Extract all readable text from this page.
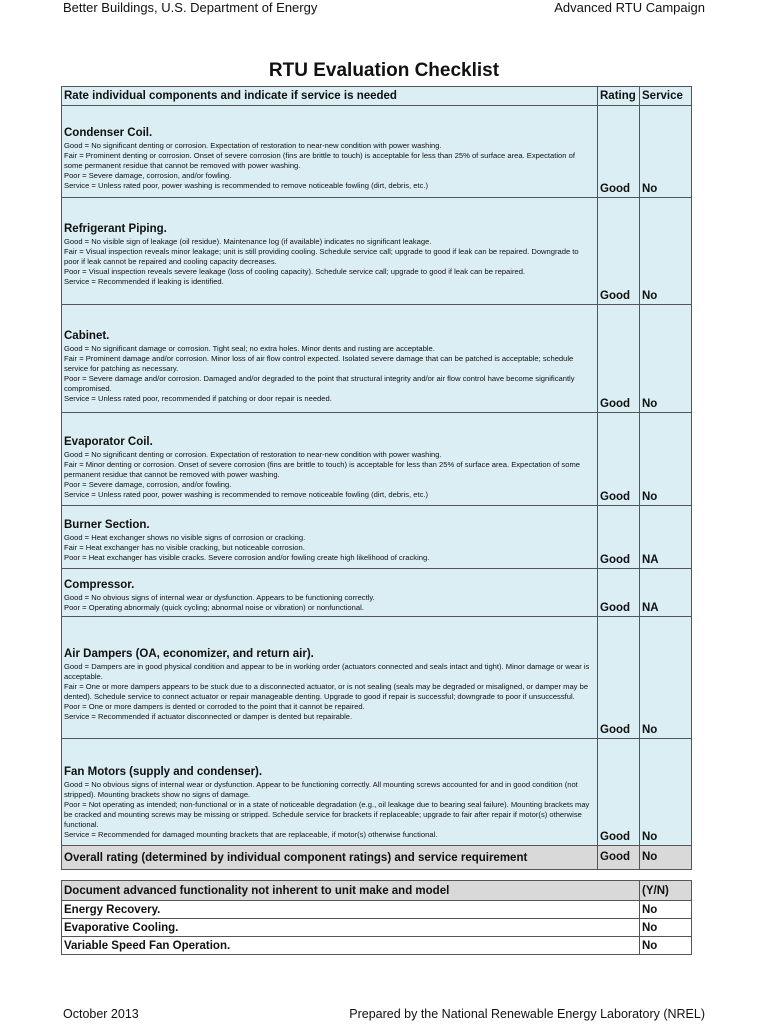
Better Buildings, U.S. Department of Energy	Advanced RTU Campaign
RTU Evaluation Checklist
Rate individual components and indicate if service is needed	Rating	Service

Condenser Coil.
Good = No significant denting or corrosion. Expectation of restoration to near-new condition with power washing.
Fair = Prominent denting or corrosion. Onset of severe corrosion (fins are brittle to touch) is acceptable for less than 25% of surface area. Expectation of some permanent residue that cannot be removed with power washing.
Poor = Severe damage, corrosion, and/or fowling.
Service = Unless rated poor, power washing is recommended to remove noticeable fowling (dirt, debris, etc.)	Good	No

Refrigerant Piping.
Good = No visible sign of leakage (oil residue). Maintenance log (if available) indicates no significant leakage.
Fair = Visual inspection reveals minor leakage; unit is still providing cooling. Schedule service call; upgrade to good if leak can be repaired. Downgrade to poor if leak cannot be repaired and cooling capacity decreases.
Poor = Visual inspection reveals severe leakage (loss of cooling capacity). Schedule service call; upgrade to good if leak can be repaired.
Service = Recommended if leaking is identified.	Good	No

Cabinet.
Good = No significant damage or corrosion. Tight seal; no extra holes. Minor dents and rusting are acceptable.
Fair = Prominent damage and/or corrosion. Minor loss of air flow control expected. Isolated severe damage that can be patched is acceptable; schedule service for patching as necessary.
Poor = Severe damage and/or corrosion. Damaged and/or degraded to the point that structural integrity and/or air flow control have become significantly compromised.
Service = Unless rated poor, recommended if patching or door repair is needed.	Good	No

Evaporator Coil.
Good = No significant denting or corrosion. Expectation of restoration to near-new condition with power washing.
Fair = Minor denting or corrosion. Onset of severe corrosion (fins are brittle to touch) is acceptable for less than 25% of surface area. Expectation of some permanent residue that cannot be removed with power washing.
Poor = Severe damage, corrosion, and/or fowling.
Service = Unless rated poor, power washing is recommended to remove noticeable fowling (dirt, debris, etc.)	Good	No

Burner Section.
Good = Heat exchanger shows no visible signs of corrosion or cracking.
Fair = Heat exchanger has no visible cracking, but noticeable corrosion.
Poor = Heat exchanger has visible cracks. Severe corrosion and/or fowling create high likelihood of cracking.	Good	NA

Compressor.
Good = No obvious signs of internal wear or dysfunction. Appears to be functioning correctly.
Poor = Operating abnormaly (quick cycling; abnormal noise or vibration) or nonfunctional.	Good	NA

Air Dampers (OA, economizer, and return air).
Good = Dampers are in good physical condition and appear to be in working order (actuators connected and seals intact and tight). Minor damage or wear is acceptable.
Fair = One or more dampers appears to be stuck due to a disconnected actuator, or is not sealing (seals may be degraded or misaligned, or damper may be dented). Schedule service to connect actuator or repair manageable denting. Upgrade to good if repair is successful; downgrade to poor if unsuccessful.
Poor = One or more dampers is dented or corroded to the point that it cannot be repaired.
Service = Recommended if actuator disconnected or damper is dented but repairable.	Good	No

Fan Motors (supply and condenser).
Good = No obvious signs of internal wear or dysfunction. Appear to be functioning correctly. All mounting screws accounted for and in good condition (not stripped). Mounting brackets show no signs of damage.
Poor = Not operating as intended; non-functional or in a state of noticeable degradation (e.g., oil leakage due to bearing seal failure). Mounting brackets may be cracked and mounting screws may be missing or stripped. Schedule service for brackets if replaceable; upgrade to fair after repair if motor(s) otherwise functional.
Service = Recommended for damaged mounting brackets that are replaceable, if motor(s) otherwise functional.	Good	No
Overall rating (determined by individual component ratings) and service requirement	Good	No
Document advanced functionality not inherent to unit make and model	(Y/N)
Energy Recovery.	No
Evaporative Cooling.	No
Variable Speed Fan Operation.	No
October 2013	Prepared by the National Renewable Energy Laboratory (NREL)
